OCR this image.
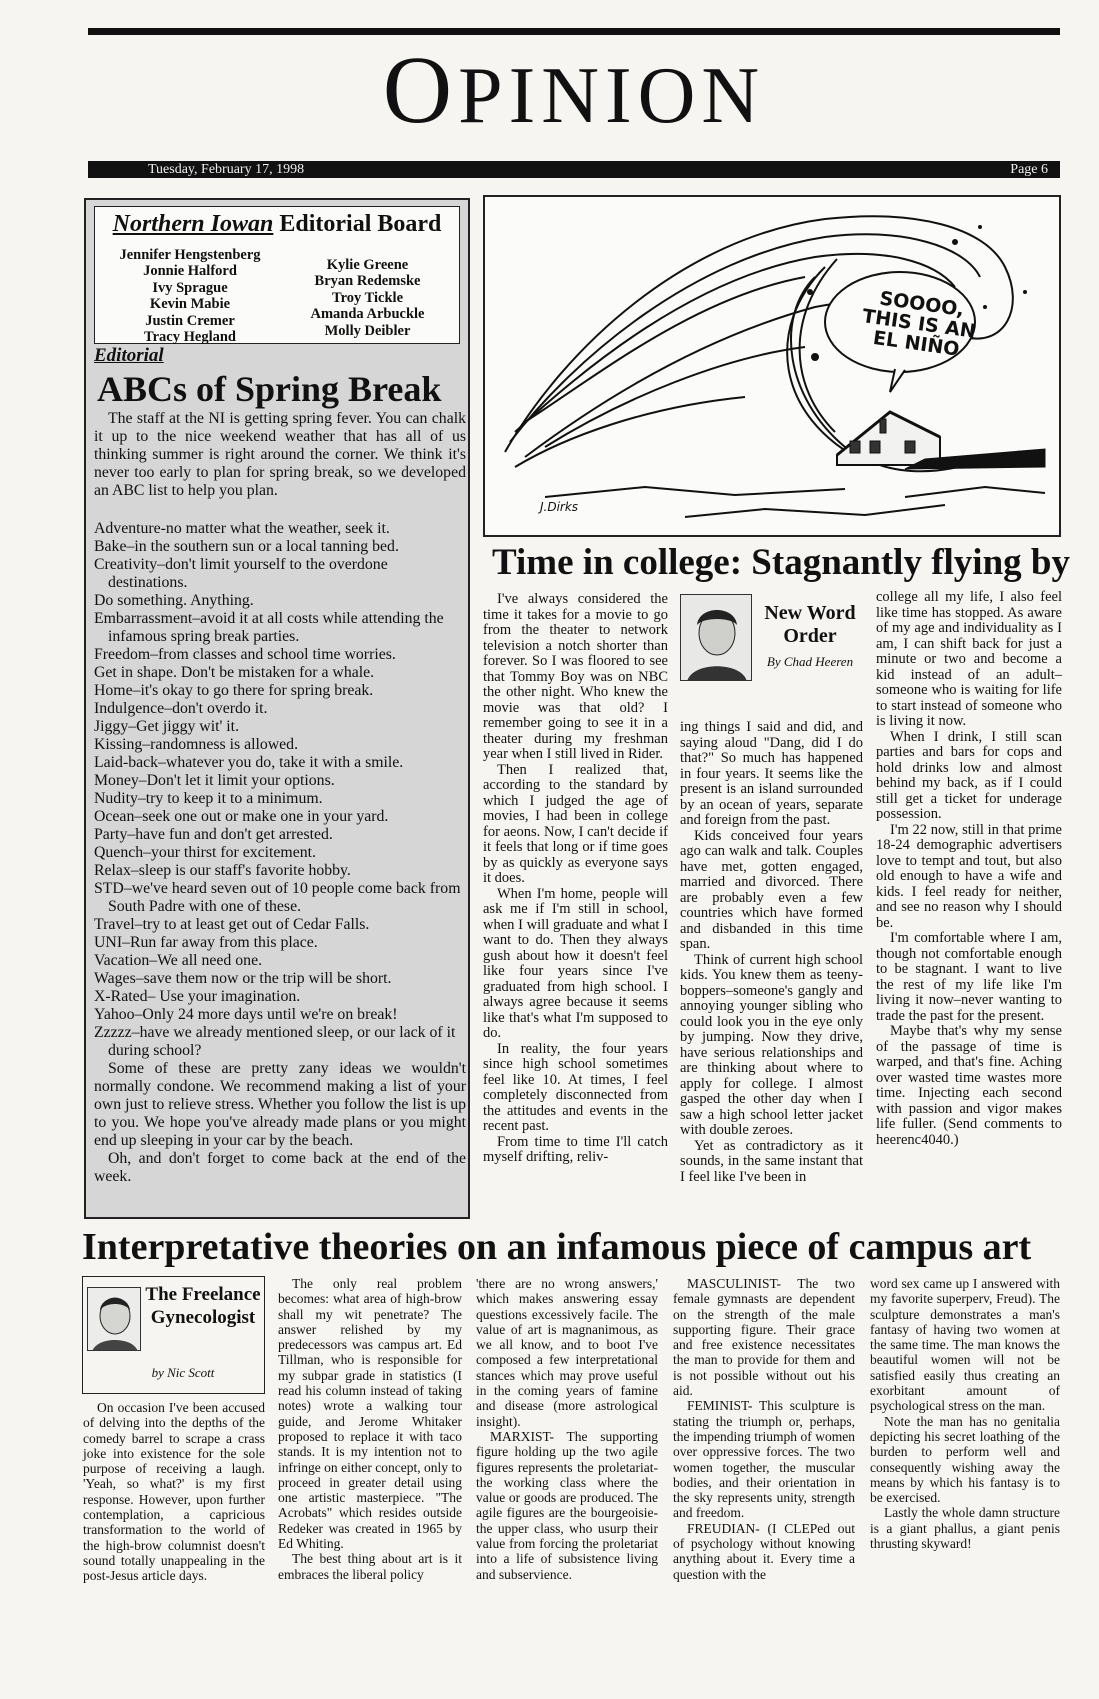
OPINION
Tuesday, February 17, 1998	Page 6
Northern Iowan Editorial Board
Jennifer Hengstenberg
Jonnie Halford
Ivy Sprague
Kevin Mabie
Justin Cremer
Tracy Hegland
Kylie Greene
Bryan Redemske
Troy Tickle
Amanda Arbuckle
Molly Deibler
Editorial
ABCs of Spring Break

The staff at the NI is getting spring fever. You can chalk it up to the nice weekend weather that has all of us thinking summer is right around the corner. We think it's never too early to plan for spring break, so we developed an ABC list to help you plan.

Adventure-no matter what the weather, seek it.
Bake–in the southern sun or a local tanning bed.
Creativity–don't limit yourself to the overdone destinations.
Do something. Anything.
Embarrassment–avoid it at all costs while attending the infamous spring break parties.
Freedom–from classes and school time worries.
Get in shape. Don't be mistaken for a whale.
Home–it's okay to go there for spring break.
Indulgence–don't overdo it.
Jiggy–Get jiggy wit' it.
Kissing–randomness is allowed.
Laid-back–whatever you do, take it with a smile.
Money–Don't let it limit your options.
Nudity–try to keep it to a minimum.
Ocean–seek one out or make one in your yard.
Party–have fun and don't get arrested.
Quench–your thirst for excitement.
Relax–sleep is our staff's favorite hobby.
STD–we've heard seven out of 10 people come back from South Padre with one of these.
Travel–try to at least get out of Cedar Falls.
UNI–Run far away from this place.
Vacation–We all need one.
Wages–save them now or the trip will be short.
X-Rated– Use your imagination.
Yahoo–Only 24 more days until we're on break!
Zzzzz–have we already mentioned sleep, or our lack of it during school?

Some of these are pretty zany ideas we wouldn't normally condone. We recommend making a list of your own just to relieve stress. Whether you follow the list is up to you. We hope you've already made plans or you might end up sleeping in your car by the beach.

Oh, and don't forget to come back at the end of the week.

SOOOO, THIS IS AN EL NIÑO
J.Dirks
Time in college: Stagnantly flying by

I've always considered the time it takes for a movie to go from the theater to network television a notch shorter than forever. So I was floored to see that Tommy Boy was on NBC the other night. Who knew the movie was that old? I remember going to see it in a theater during my freshman year when I still lived in Rider.

Then I realized that, according to the standard by which I judged the age of movies, I had been in college for aeons. Now, I can't decide if it feels that long or if time goes by as quickly as everyone says it does.

When I'm home, people will ask me if I'm still in school, when I will graduate and what I want to do. Then they always gush about how it doesn't feel like four years since I've graduated from high school. I always agree because it seems like that's what I'm supposed to do.

In reality, the four years since high school sometimes feel like 10. At times, I feel completely disconnected from the attitudes and events in the recent past.

From time to time I'll catch myself drifting, reliv-

New Word Order
By Chad Heeren

ing things I said and did, and saying aloud "Dang, did I do that?" So much has happened in four years. It seems like the present is an island surrounded by an ocean of years, separate and foreign from the past.

Kids conceived four years ago can walk and talk. Couples have met, gotten engaged, married and divorced. There are probably even a few countries which have formed and disbanded in this time span.

Think of current high school kids. You knew them as teeny-boppers–someone's gangly and annoying younger sibling who could look you in the eye only by jumping. Now they drive, have serious relationships and are thinking about where to apply for college. I almost gasped the other day when I saw a high school letter jacket with double zeroes.

Yet as contradictory as it sounds, in the same instant that I feel like I've been in

college all my life, I also feel like time has stopped. As aware of my age and individuality as I am, I can shift back for just a minute or two and become a kid instead of an adult–someone who is waiting for life to start instead of someone who is living it now.

When I drink, I still scan parties and bars for cops and hold drinks low and almost behind my back, as if I could still get a ticket for underage possession.

I'm 22 now, still in that prime 18-24 demographic advertisers love to tempt and tout, but also old enough to have a wife and kids. I feel ready for neither, and see no reason why I should be.

I'm comfortable where I am, though not comfortable enough to be stagnant. I want to live the rest of my life like I'm living it now–never wanting to trade the past for the present.

Maybe that's why my sense of the passage of time is warped, and that's fine. Aching over wasted time wastes more time. Injecting each second with passion and vigor makes life fuller. (Send comments to heerenc4040.)

Interpretative theories on an infamous piece of campus art
The Freelance Gynecologist
by Nic Scott

On occasion I've been accused of delving into the depths of the comedy barrel to scrape a crass joke into existence for the sole purpose of receiving a laugh. 'Yeah, so what?' is my first response. However, upon further contemplation, a capricious transformation to the world of the high-brow columnist doesn't sound totally unappealing in the post-Jesus article days.

The only real problem becomes: what area of high-brow shall my wit penetrate? The answer relished by my predecessors was campus art. Ed Tillman, who is responsible for my subpar grade in statistics (I read his column instead of taking notes) wrote a walking tour guide, and Jerome Whitaker proposed to replace it with taco stands. It is my intention not to infringe on either concept, only to proceed in greater detail using one artistic masterpiece. "The Acrobats" which resides outside Redeker was created in 1965 by Ed Whiting.

The best thing about art is it embraces the liberal policy

'there are no wrong answers,' which makes answering essay questions excessively facile. The value of art is magnanimous, as we all know, and to boot I've composed a few interpretational stances which may prove useful in the coming years of famine and disease (more astrological insight).

MARXIST- The supporting figure holding up the two agile figures represents the proletariat-the working class where the value or goods are produced. The agile figures are the bourgeoisie-the upper class, who usurp their value from forcing the proletariat into a life of subsistence living and subservience.

MASCULINIST- The two female gymnasts are dependent on the strength of the male supporting figure. Their grace and free existence necessitates the man to provide for them and is not possible without out his aid.

FEMINIST- This sculpture is stating the triumph or, perhaps, the impending triumph of women over oppressive forces. The two women together, the muscular bodies, and their orientation in the sky represents unity, strength and freedom.

FREUDIAN- (I CLEPed out of psychology without knowing anything about it. Every time a question with the

word sex came up I answered with my favorite superperv, Freud). The sculpture demonstrates a man's fantasy of having two women at the same time. The man knows the beautiful women will not be satisfied easily thus creating an exorbitant amount of psychological stress on the man.

Note the man has no genitalia depicting his secret loathing of the burden to perform well and consequently wishing away the means by which his fantasy is to be exercised.

Lastly the whole damn structure is a giant phallus, a giant penis thrusting skyward!
